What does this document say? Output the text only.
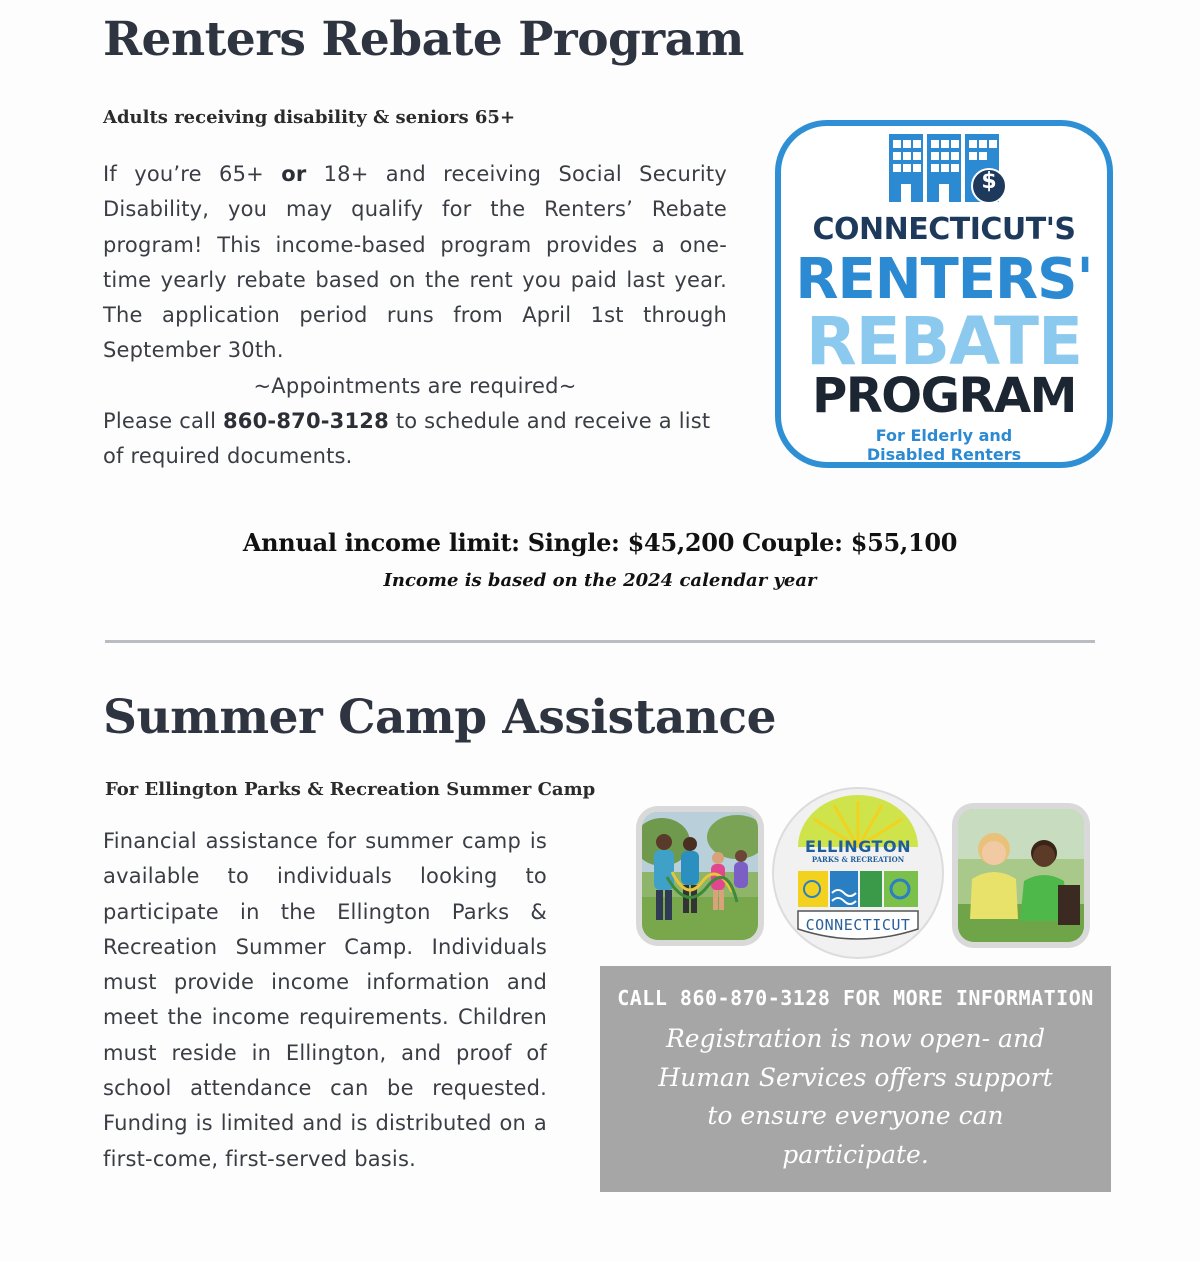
Renters Rebate Program

Adults receiving disability & seniors 65+

If you’re 65+ or 18+ and receiving Social Security Disability, you may qualify for the Renters’ Rebate program! This income-based program provides a one-time yearly rebate based on the rent you paid last year. The application period runs from April 1st through September 30th.

~Appointments are required~

Please call 860-870-3128 to schedule and receive a list of required documents.

$
CONNECTICUT'S
RENTERS'
REBATE
PROGRAM
For Elderly and
Disabled Renters
Annual income limit: Single: $45,200 Couple: $55,100
Income is based on the 2024 calendar year
Summer Camp Assistance

For Ellington Parks & Recreation Summer Camp

Financial assistance for summer camp is available to individuals looking to participate in the Ellington Parks & Recreation Summer Camp. Individuals must provide income information and meet the income requirements. Children must reside in Ellington, and proof of school attendance can be requested. Funding is limited and is distributed on a first-come, first-served basis.

ELLINGTON
PARKS & RECREATION
CONNECTICUT
CALL 860-870-3128 FOR MORE INFORMATION
Registration is now open- and Human Services offers support to ensure everyone can participate.
